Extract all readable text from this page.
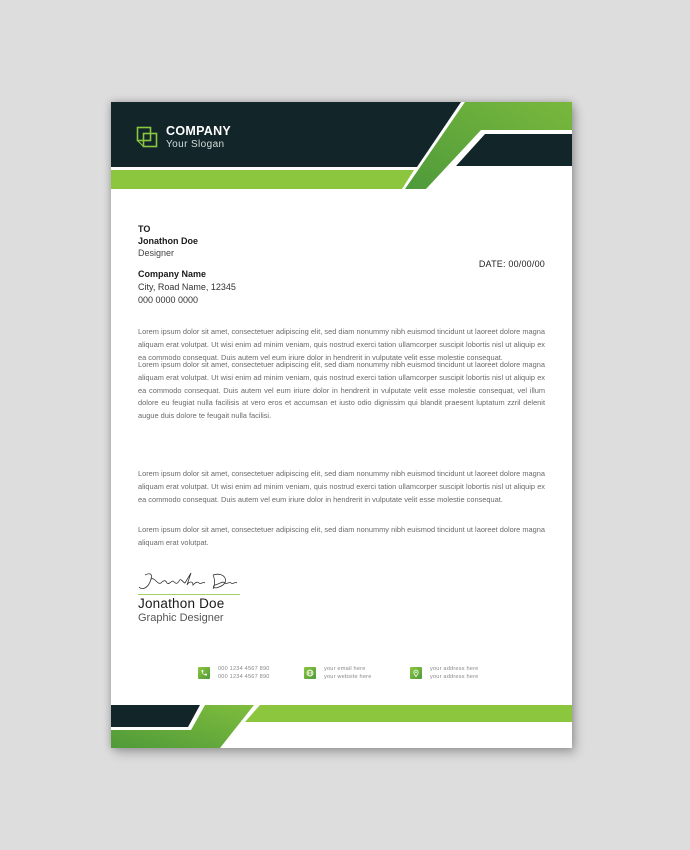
COMPANY
Your Slogan
TO
Jonathon Doe
Designer
Company Name
City, Road Name, 12345
000 0000 0000
DATE: 00/00/00

Lorem ipsum dolor sit amet, consectetuer adipiscing elit, sed diam nonummy nibh euismod tincidunt ut laoreet dolore magna aliquam erat volutpat. Ut wisi enim ad minim veniam, quis nostrud exerci tation ullamcorper suscipit lobortis nisl ut aliquip ex ea commodo consequat. Duis autem vel eum iriure dolor in hendrerit in vulputate velit esse molestie consequat.

Lorem ipsum dolor sit amet, consectetuer adipiscing elit, sed diam nonummy nibh euismod tincidunt ut laoreet dolore magna aliquam erat volutpat. Ut wisi enim ad minim veniam, quis nostrud exerci tation ullamcorper suscipit lobortis nisl ut aliquip ex ea commodo consequat. Duis autem vel eum iriure dolor in hendrerit in vulputate velit esse molestie consequat, vel illum dolore eu feugiat nulla facilisis at vero eros et accumsan et iusto odio dignissim qui blandit praesent luptatum zzril delenit augue duis dolore te feugait nulla facilisi.

Lorem ipsum dolor sit amet, consectetuer adipiscing elit, sed diam nonummy nibh euismod tincidunt ut laoreet dolore magna aliquam erat volutpat. Ut wisi enim ad minim veniam, quis nostrud exerci tation ullamcorper suscipit lobortis nisl ut aliquip ex ea commodo consequat. Duis autem vel eum iriure dolor in hendrerit in vulputate velit esse molestie consequat.

Lorem ipsum dolor sit amet, consectetuer adipiscing elit, sed diam nonummy nibh euismod tincidunt ut laoreet dolore magna aliquam erat volutpat.

Jonathon Doe
Graphic Designer
000 1234 4567 890
000 1234 4567 890
your email here
your website here
your address here
your address here
